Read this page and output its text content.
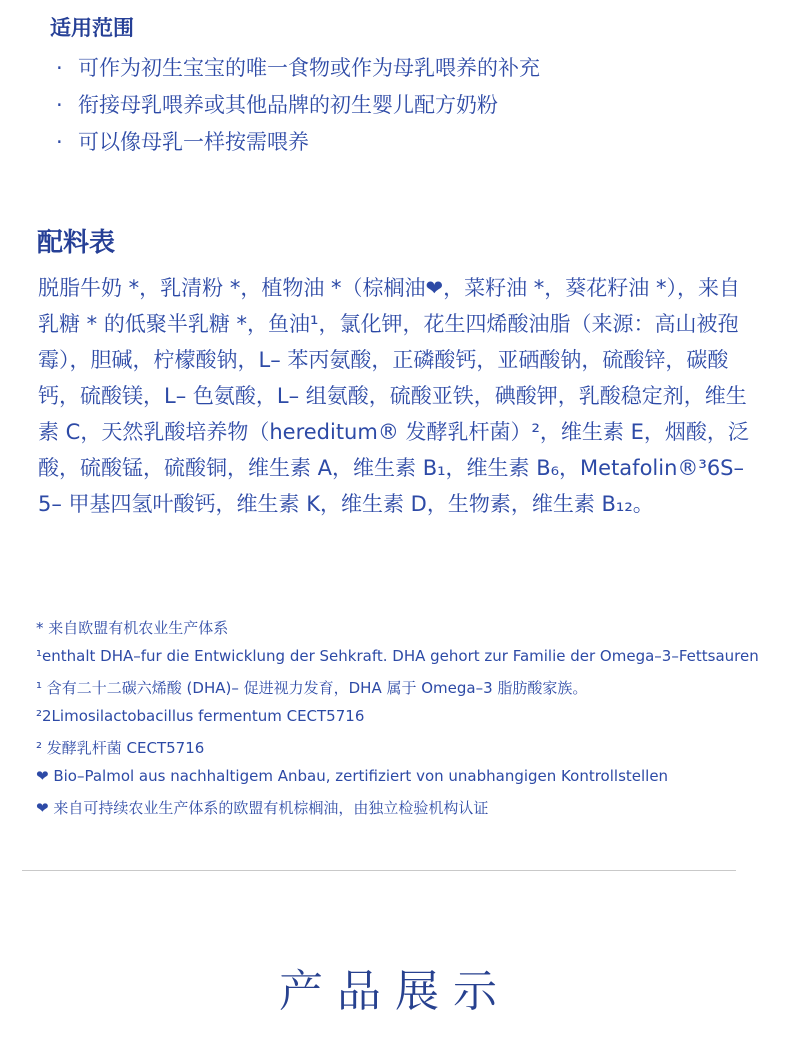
适用范围
· 可作为初生宝宝的唯一食物或作为母乳喂养的补充
· 衔接母乳喂养或其他品牌的初生婴儿配方奶粉
· 可以像母乳一样按需喂养
配料表
脱脂牛奶 *，乳清粉 *，植物油 *（棕榈油❤，菜籽油 *，葵花籽油 *），来自乳糖 * 的低聚半乳糖 *，鱼油¹，氯化钾，花生四烯酸油脂（来源：高山被孢霉），胆碱，柠檬酸钠，L– 苯丙氨酸，正磷酸钙，亚硒酸钠，硫酸锌，碳酸钙，硫酸镁，L– 色氨酸，L– 组氨酸，硫酸亚铁，碘酸钾，乳酸稳定剂，维生素 C，天然乳酸培养物（hereditum® 发酵乳杆菌）²，维生素 E，烟酸，泛酸，硫酸锰，硫酸铜，维生素 A，维生素 B₁，维生素 B₆，Metafolin®³6S–5– 甲基四氢叶酸钙，维生素 K，维生素 D，生物素，维生素 B₁₂。
* 来自欧盟有机农业生产体系
¹enthalt DHA–fur die Entwicklung der Sehkraft. DHA gehort zur Familie der Omega–3–Fettsauren
¹ 含有二十二碳六烯酸 (DHA)– 促进视力发育，DHA 属于 Omega–3 脂肪酸家族。
²2Limosilactobacillus fermentum CECT5716
² 发酵乳杆菌 CECT5716
❤ Bio–Palmol aus nachhaltigem Anbau, zertifiziert von unabhangigen Kontrollstellen
❤ 来自可持续农业生产体系的欧盟有机棕榈油，由独立检验机构认证
产品展示
